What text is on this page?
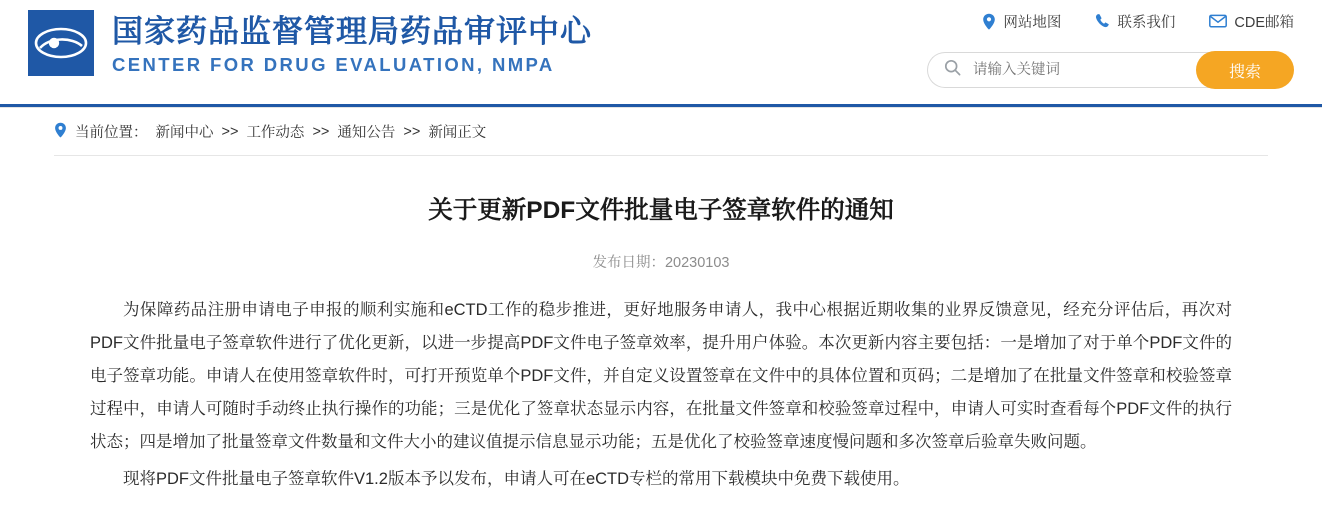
国家药品监督管理局药品审评中心
CENTER FOR DRUG EVALUATION, NMPA
网站地图	联系我们	CDE邮箱
请输入关键词
搜索
当前位置： 新闻中心 >> 工作动态 >> 通知公告 >> 新闻正文
关于更新PDF文件批量电子签章软件的通知
发布日期：20230103

为保障药品注册申请电子申报的顺利实施和eCTD工作的稳步推进，更好地服务申请人，我中心根据近期收集的业界反馈意见，经充分评估后，再次对PDF文件批量电子签章软件进行了优化更新，以进一步提高PDF文件电子签章效率，提升用户体验。本次更新内容主要包括：一是增加了对于单个PDF文件的电子签章功能。申请人在使用签章软件时，可打开预览单个PDF文件，并自定义设置签章在文件中的具体位置和页码；二是增加了在批量文件签章和校验签章过程中，申请人可随时手动终止执行操作的功能；三是优化了签章状态显示内容，在批量文件签章和校验签章过程中，申请人可实时查看每个PDF文件的执行状态；四是增加了批量签章文件数量和文件大小的建议值提示信息显示功能；五是优化了校验签章速度慢问题和多次签章后验章失败问题。

现将PDF文件批量电子签章软件V1.2版本予以发布，申请人可在eCTD专栏的常用下载模块中免费下载使用。
